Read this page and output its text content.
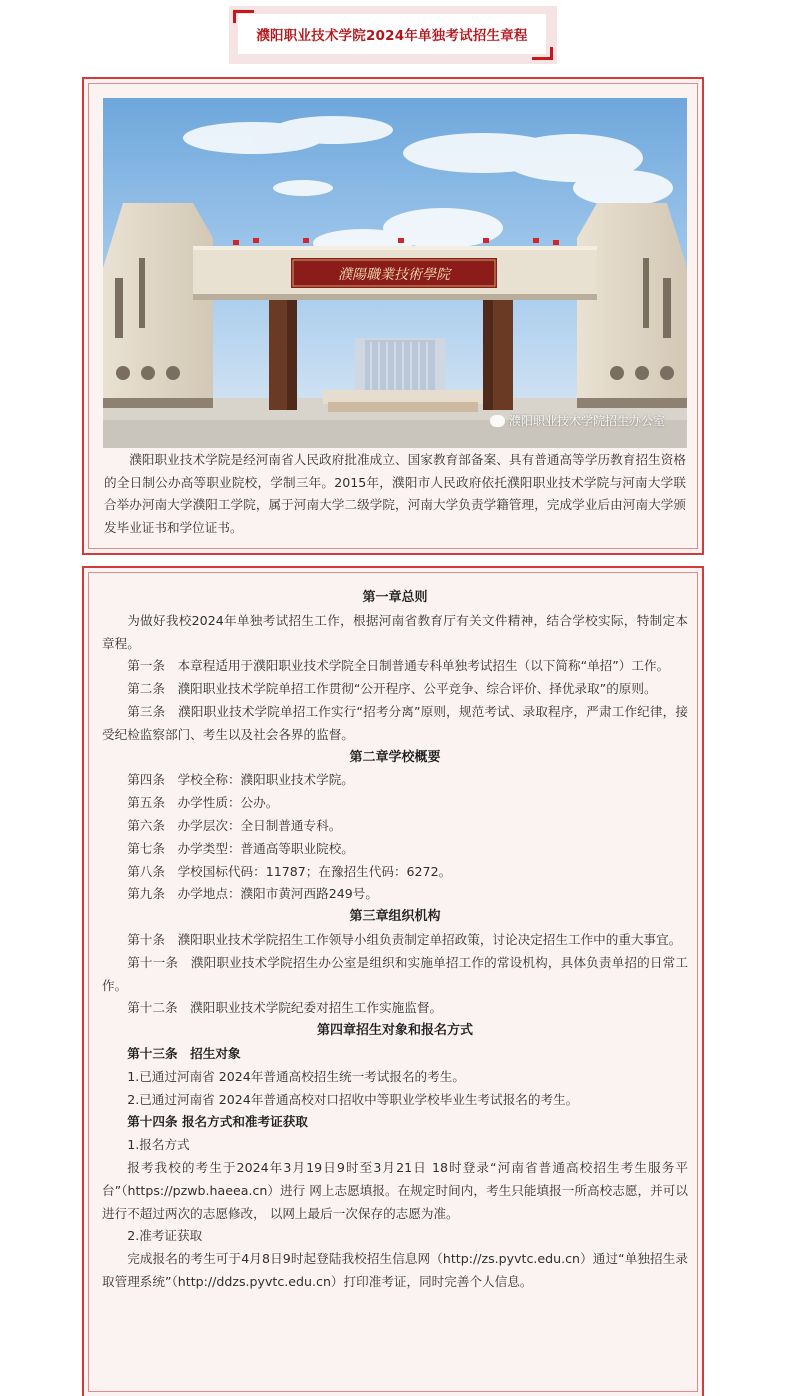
濮阳职业技术学院2024年单独考试招生章程
濮陽職業技術學院
濮阳职业技术学院招生办公室

濮阳职业技术学院是经河南省人民政府批准成立、国家教育部备案、具有普通高等学历教育招生资格的全日制公办高等职业院校，学制三年。2015年，濮阳市人民政府依托濮阳职业技术学院与河南大学联合举办河南大学濮阳工学院，属于河南大学二级学院，河南大学负责学籍管理，完成学业后由河南大学颁发毕业证书和学位证书。

第一章总则

为做好我校2024年单独考试招生工作，根据河南省教育厅有关文件精神，结合学校实际，特制定本章程。

第一条　本章程适用于濮阳职业技术学院全日制普通专科单独考试招生（以下简称“单招”）工作。

第二条　濮阳职业技术学院单招工作贯彻“公开程序、公平竞争、综合评价、择优录取”的原则。

第三条　濮阳职业技术学院单招工作实行“招考分离”原则，规范考试、录取程序，严肃工作纪律，接受纪检监察部门、考生以及社会各界的监督。

第二章学校概要

第四条　学校全称：濮阳职业技术学院。

第五条　办学性质：公办。

第六条　办学层次：全日制普通专科。

第七条　办学类型：普通高等职业院校。

第八条　学校国标代码：11787；在豫招生代码：6272。

第九条　办学地点：濮阳市黄河西路249号。

第三章组织机构

第十条　濮阳职业技术学院招生工作领导小组负责制定单招政策，讨论决定招生工作中的重大事宜。

第十一条　濮阳职业技术学院招生办公室是组织和实施单招工作的常设机构，具体负责单招的日常工作。

第十二条　濮阳职业技术学院纪委对招生工作实施监督。

第四章招生对象和报名方式

第十三条　招生对象

1.已通过河南省 2024年普通高校招生统一考试报名的考生。

2.已通过河南省 2024年普通高校对口招收中等职业学校毕业生考试报名的考生。

第十四条 报名方式和准考证获取

1.报名方式

报考我校的考生于2024年3月19日9时至3月21日 18时登录“河南省普通高校招生考生服务平台”（https://pzwb.haeea.cn）进行 网上志愿填报。在规定时间内，考生只能填报一所高校志愿，并可以进行不超过两次的志愿修改， 以网上最后一次保存的志愿为准。

2.准考证获取

完成报名的考生可于4月8日9时起登陆我校招生信息网（http://zs.pyvtc.edu.cn）通过“单独招生录取管理系统”（http://ddzs.pyvtc.edu.cn）打印准考证，同时完善个人信息。
